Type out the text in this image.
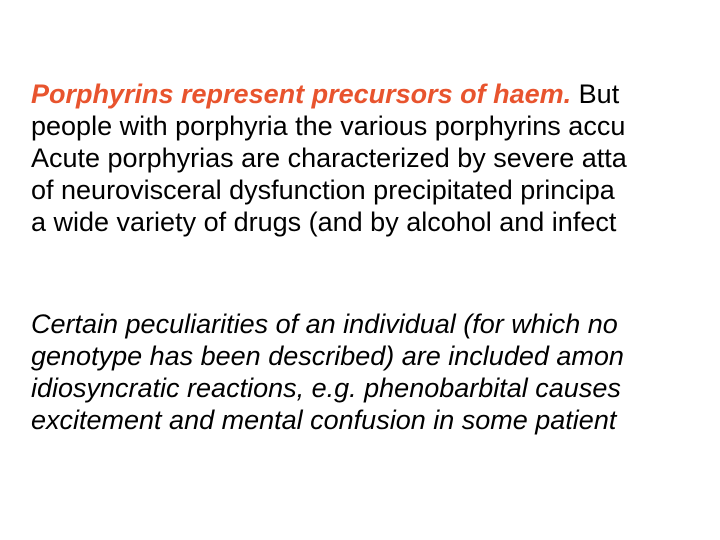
Porphyrins represent precursors of haem. But
people with porphyria the various porphyrins accu
Acute porphyrias are characterized by severe atta
of neurovisceral dysfunction precipitated principa
a wide variety of drugs (and by alcohol and infect

Certain peculiarities of an individual (for which no
genotype has been described) are included amon
idiosyncratic reactions, e.g. phenobarbital causes
excitement and mental confusion in some patient
